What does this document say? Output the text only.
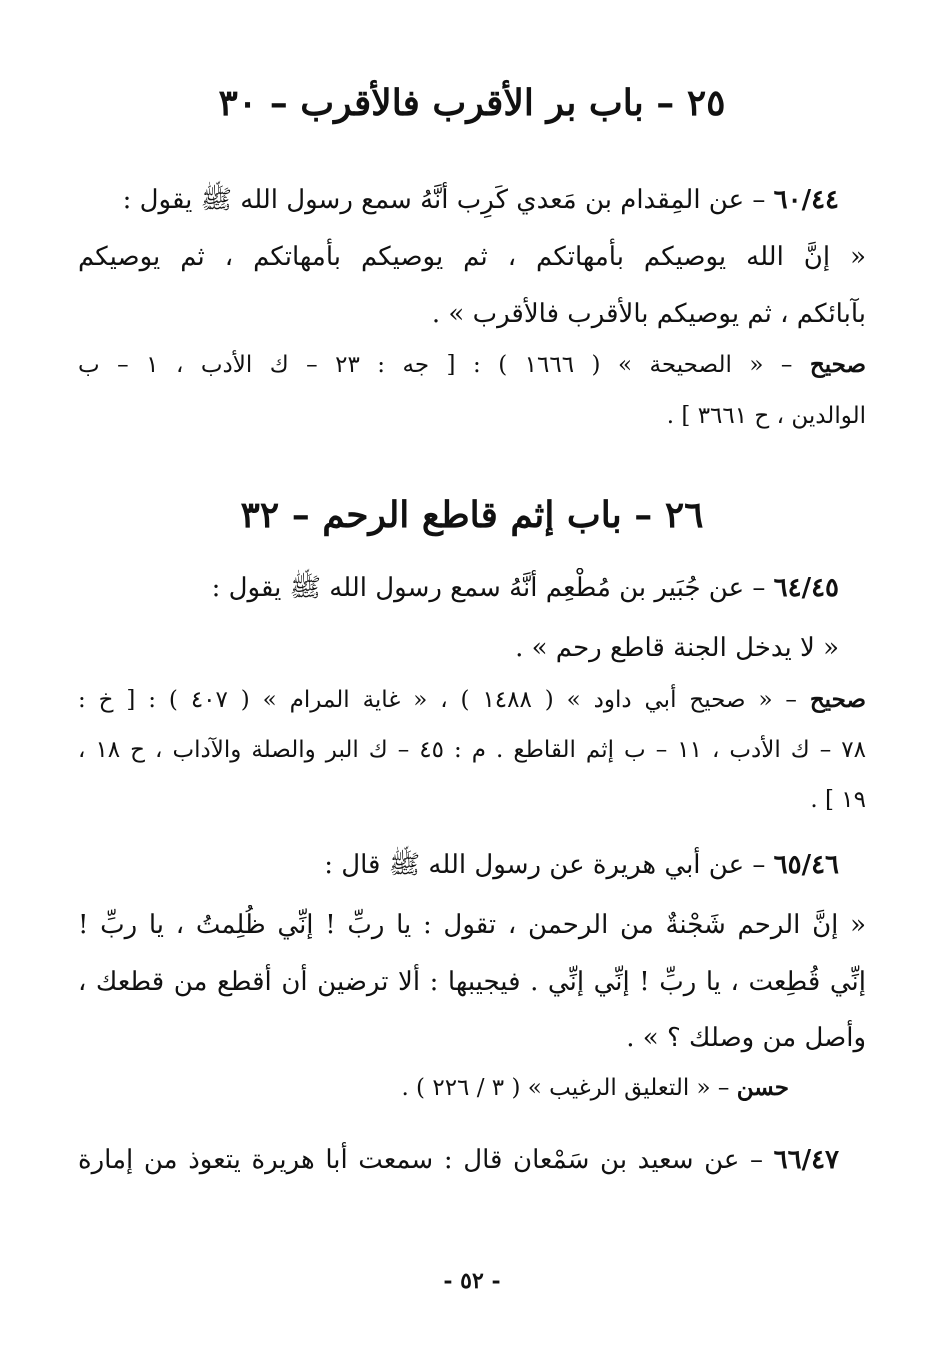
٢٥ – باب بر الأقرب فالأقرب – ٣٠
٦٠/٤٤ – عن المِقدام بن مَعدي كَرِب أنَّهُ سمع رسول الله ﷺ يقول :
« إنَّ الله يوصيكم بأمهاتكم ، ثم يوصيكم بأمهاتكم ، ثم يوصيكم
بآبائكم ، ثم يوصيكم بالأقرب فالأقرب » .
صحيح – « الصحيحة » ( ١٦٦٦ ) : [ جه : ٢٣ – ك الأدب ، ١ – ب
الوالدين ، ح ٣٦٦١ ] .
٢٦ – باب إثم قاطع الرحم – ٣٢
٦٤/٤٥ – عن جُبَير بن مُطْعِم أنَّهُ سمع رسول الله ﷺ يقول :
« لا يدخل الجنة قاطع رحم » .
صحيح – « صحيح أبي داود » ( ١٤٨٨ ) ، « غاية المرام » ( ٤٠٧ ) : [ خ :
٧٨ – ك الأدب ، ١١ – ب إثم القاطع . م : ٤٥ – ك البر والصلة والآداب ، ح ١٨ ،
١٩ ] .
٦٥/٤٦ – عن أبي هريرة عن رسول الله ﷺ قال :
« إنَّ الرحم شَجْنةٌ من الرحمن ، تقول : يا ربِّ ! إنِّي ظُلِمتُ ، يا ربِّ !
إنِّي قُطِعت ، يا ربِّ ! إنِّي إنِّي . فيجيبها : ألا ترضين أن أقطع من قطعك ،
وأصل من وصلك ؟ » .
حسن – « التعليق الرغيب » ( ٣ / ٢٢٦ ) .
٦٦/٤٧ – عن سعيد بن سَمْعان قال : سمعت أبا هريرة يتعوذ من إمارة
- ٥٢ -
